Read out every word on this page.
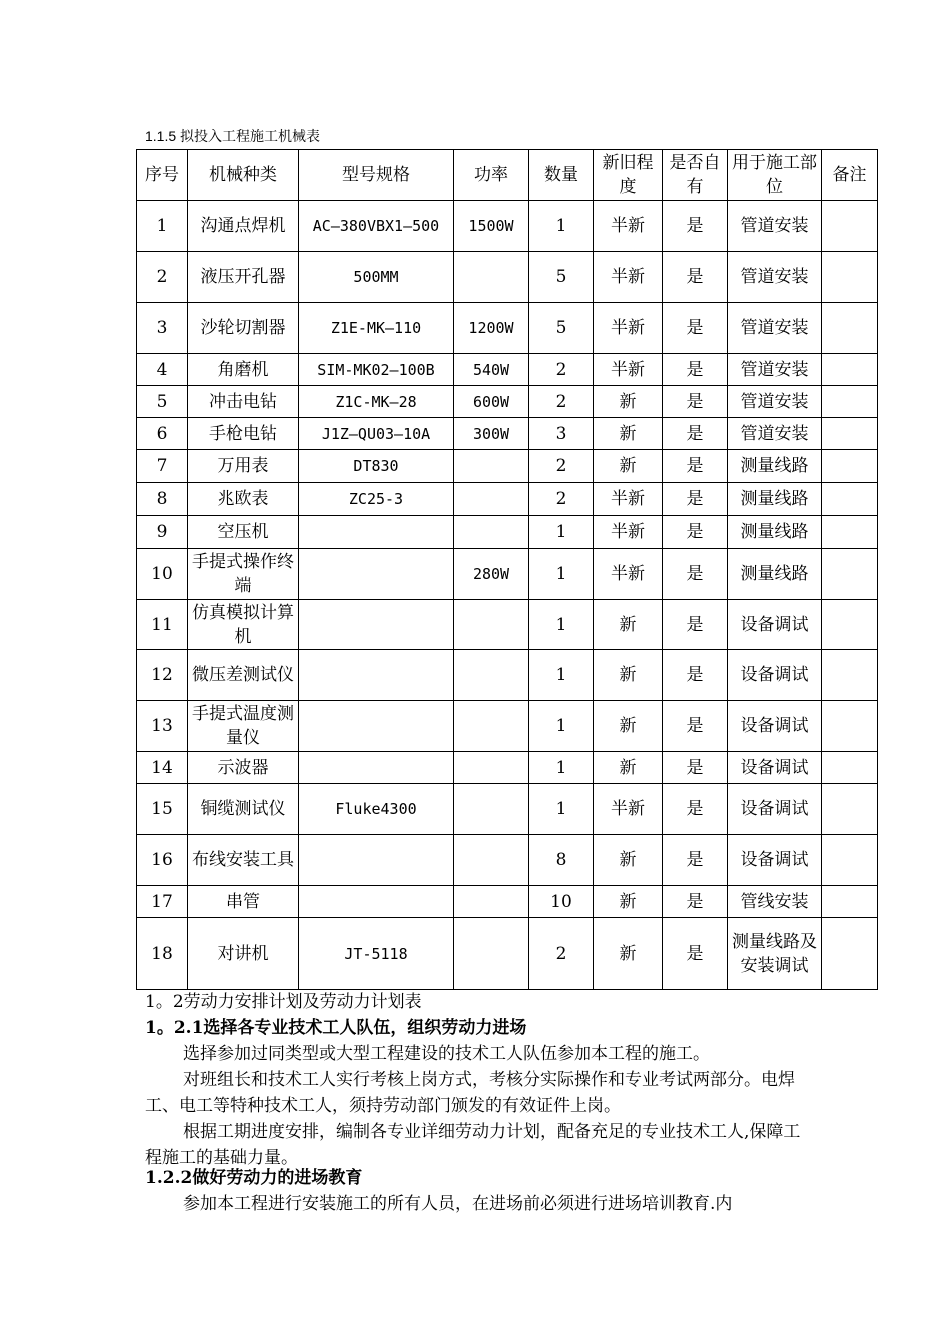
1.1.5 拟投入工程施工机械表
序号	机械种类	型号规格	功率	数量	新旧程度	是否自有	用于施工部位	备注
1	沟通点焊机	AC—380VBX1—500	1500W	1	半新	是	管道安装	
2	液压开孔器	500MM		5	半新	是	管道安装	
3	沙轮切割器	Z1E-MK—110	1200W	5	半新	是	管道安装	
4	角磨机	SIM-MK02—100B	540W	2	半新	是	管道安装	
5	冲击电钻	Z1C-MK—28	600W	2	新	是	管道安装	
6	手枪电钻	J1Z—QU03—10A	300W	3	新	是	管道安装	
7	万用表	DT830		2	新	是	测量线路	
8	兆欧表	ZC25-3		2	半新	是	测量线路	
9	空压机			1	半新	是	测量线路	
10	手提式操作终端		280W	1	半新	是	测量线路	
11	仿真模拟计算机			1	新	是	设备调试	
12	微压差测试仪			1	新	是	设备调试	
13	手提式温度测量仪			1	新	是	设备调试	
14	示波器			1	新	是	设备调试	
15	铜缆测试仪	Fluke4300		1	半新	是	设备调试	
16	布线安装工具			8	新	是	设备调试	
17	串管			10	新	是	管线安装	
18	对讲机	JT-5118		2	新	是	测量线路及安装调试	
1。2劳动力安排计划及劳动力计划表
1。2.1选择各专业技术工人队伍，组织劳动力进场
选择参加过同类型或大型工程建设的技术工人队伍参加本工程的施工。
对班组长和技术工人实行考核上岗方式，考核分实际操作和专业考试两部分。电焊工、电工等特种技术工人，须持劳动部门颁发的有效证件上岗。
根据工期进度安排，编制各专业详细劳动力计划，配备充足的专业技术工人,保障工程施工的基础力量。
1.2.2做好劳动力的进场教育
参加本工程进行安装施工的所有人员，在进场前必须进行进场培训教育.内
